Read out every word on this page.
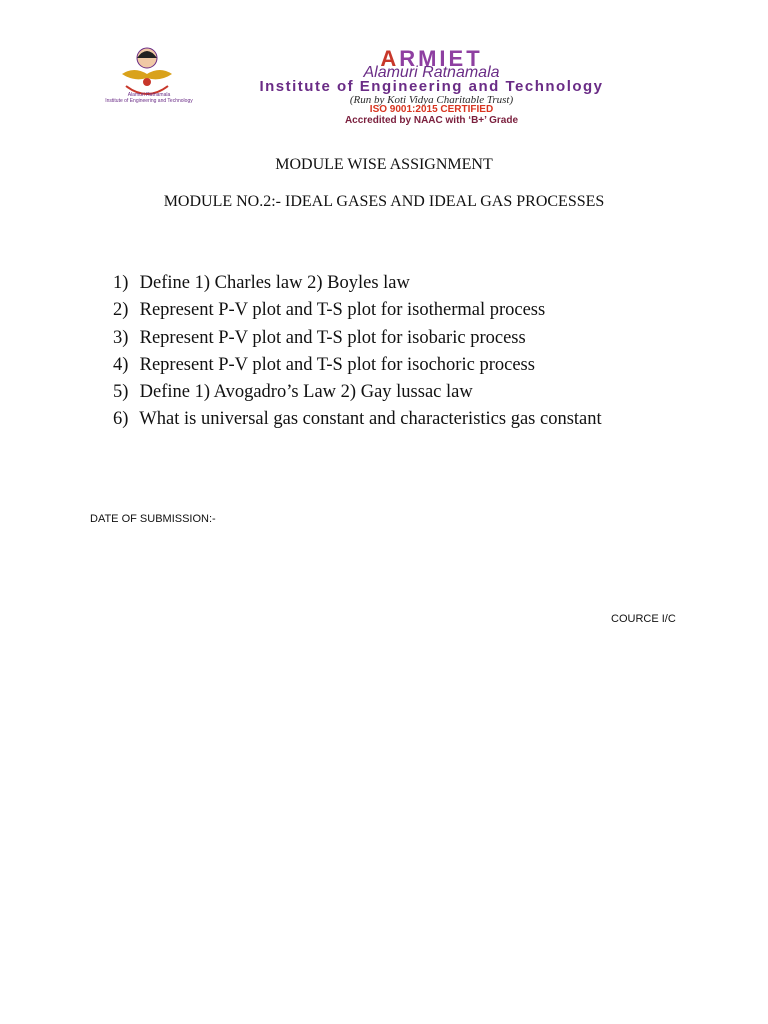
Alamuri Ratnamala
Institute of Engineering and Technology
ARMIET
Alamuri Ratnamala
Institute of Engineering and Technology
(Run by Koti Vidya Charitable Trust)
ISO 9001:2015 CERTIFIED
Accredited by NAAC with ‘B+’ Grade
MODULE WISE ASSIGNMENT
MODULE NO.2:- IDEAL GASES AND IDEAL GAS PROCESSES
1) Define 1) Charles law 2) Boyles law
2) Represent P-V plot and T-S plot for isothermal process
3) Represent P-V plot and T-S plot for isobaric process
4) Represent P-V plot and T-S plot for isochoric process
5) Define 1) Avogadro’s Law 2) Gay lussac law
6) What is universal gas constant and characteristics gas constant
DATE OF SUBMISSION:-
COURCE I/C
